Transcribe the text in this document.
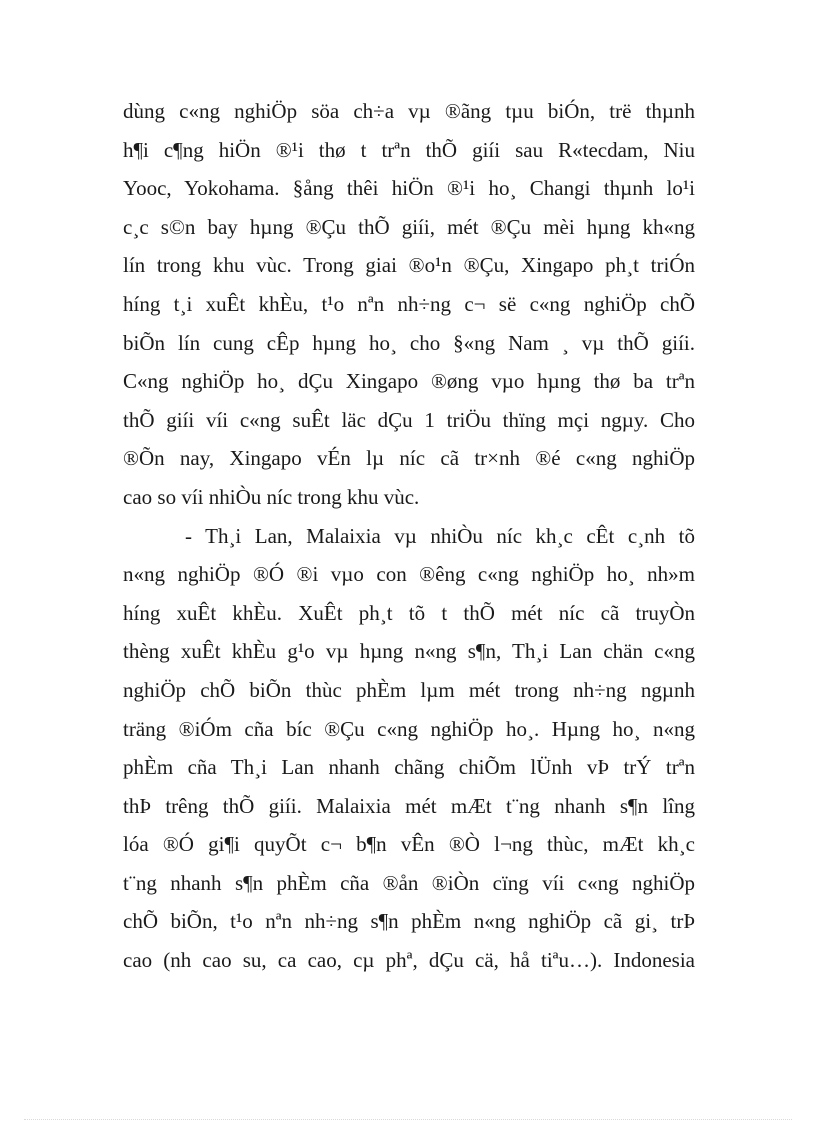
dùng c«ng nghiÖp söa ch÷a vµ ®ãng tµu biÓn, trë thµnh
h¶i c¶ng hiÖn ®¹i thø t trªn thÕ giíi sau R«tecdam, Niu
Yooc, Yokohama. §ång thêi hiÖn ®¹i ho¸ Changi thµnh lo¹i
c¸c s©n bay hµng ®Çu thÕ giíi, mét ®Çu mèi hµng kh«ng
lín trong khu vùc. Trong giai ®o¹n ®Çu, Xingapo ph¸t triÓn
híng t¸i xuÊt khÈu, t¹o nªn nh÷ng c¬ së c«ng nghiÖp chÕ
biÕn lín cung cÊp hµng ho¸ cho §«ng Nam ¸ vµ thÕ giíi.
C«ng nghiÖp ho¸ dÇu Xingapo ®øng vµo hµng thø ba trªn
thÕ giíi víi c«ng suÊt läc dÇu 1 triÖu thïng mçi ngµy. Cho
®Õn nay, Xingapo vÉn lµ níc cã tr×nh ®é c«ng nghiÖp
cao so víi nhiÒu níc trong khu vùc.
- Th¸i Lan, Malaixia vµ nhiÒu níc kh¸c cÊt c¸nh tõ
n«ng nghiÖp ®Ó ®i vµo con ®êng c«ng nghiÖp ho¸ nh»m
híng xuÊt khÈu. XuÊt ph¸t tõ t thÕ mét níc cã truyÒn
thèng xuÊt khÈu g¹o vµ hµng n«ng s¶n, Th¸i Lan chän c«ng
nghiÖp chÕ biÕn thùc phÈm lµm mét trong nh÷ng ngµnh
träng ®iÓm cña bíc ®Çu c«ng nghiÖp ho¸. Hµng ho¸ n«ng
phÈm cña Th¸i Lan nhanh chãng chiÕm lÜnh vÞ trÝ trªn
thÞ trêng thÕ giíi. Malaixia mét mÆt t¨ng nhanh s¶n lîng
lóa ®Ó gi¶i quyÕt c¬ b¶n vÊn ®Ò l¬ng thùc, mÆt kh¸c
t¨ng nhanh s¶n phÈm cña ®ån ®iÒn cïng víi c«ng nghiÖp
chÕ biÕn, t¹o nªn nh÷ng s¶n phÈm n«ng nghiÖp cã gi¸ trÞ
cao (nh cao su, ca cao, cµ phª, dÇu cä, hå tiªu…). Indonesia
